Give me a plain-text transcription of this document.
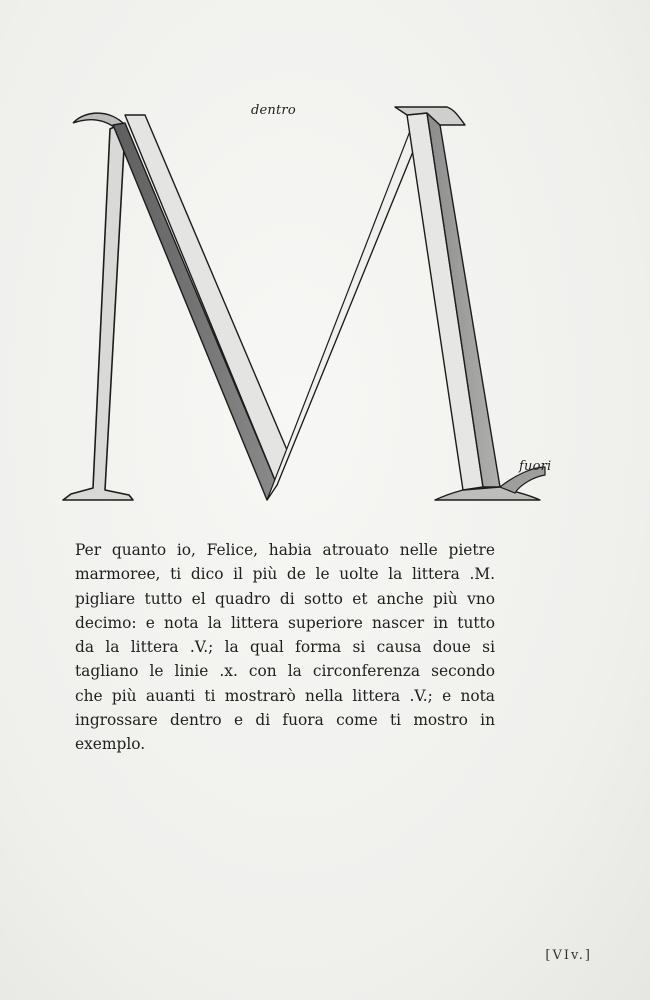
dentro
fuori

Per quanto io, Felice, habia atrouato nelle pietre
marmoree, ti dico il più de le uolte la littera .M.
pigliare tutto el quadro di sotto et anche più vno
decimo: e nota la littera superiore nascer in tutto
da la littera .V.; la qual forma si causa doue si
tagliano le linie .x. con la circonferenza secondo
che più auanti ti mostrarò nella littera .V.; e nota
ingrossare dentro e di fuora come ti mostro in
exemplo.

[VIv.]
